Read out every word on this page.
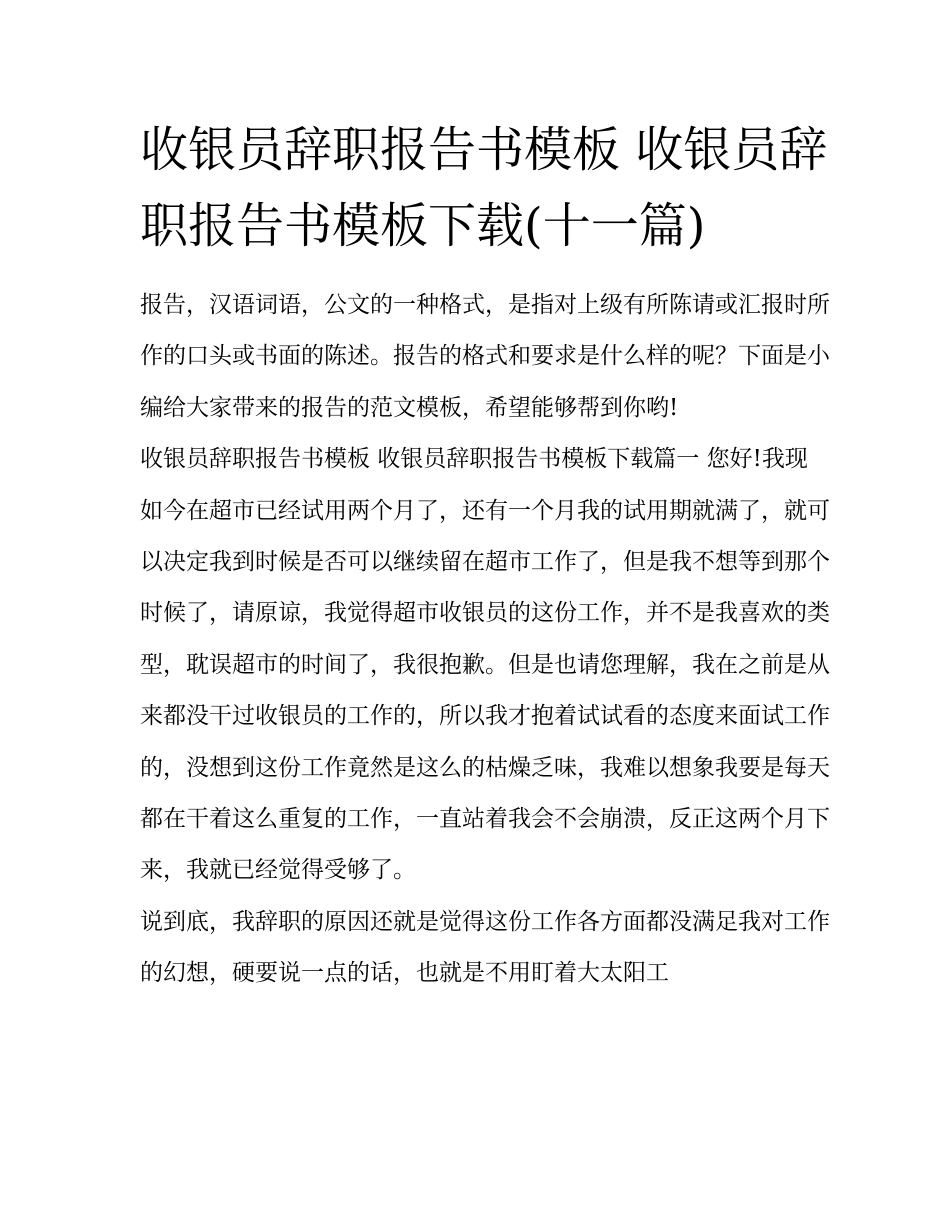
收银员辞职报告书模板 收银员辞职报告书模板下载(十一篇)

报告，汉语词语，公文的一种格式，是指对上级有所陈请或汇报时所作的口头或书面的陈述。报告的格式和要求是什么样的呢？下面是小编给大家带来的报告的范文模板，希望能够帮到你哟!

收银员辞职报告书模板 收银员辞职报告书模板下载篇一 您好!我现如今在超市已经试用两个月了，还有一个月我的试用期就满了，就可以决定我到时候是否可以继续留在超市工作了，但是我不想等到那个时候了，请原谅，我觉得超市收银员的这份工作，并不是我喜欢的类型，耽误超市的时间了，我很抱歉。但是也请您理解，我在之前是从来都没干过收银员的工作的，所以我才抱着试试看的态度来面试工作的，没想到这份工作竟然是这么的枯燥乏味，我难以想象我要是每天都在干着这么重复的工作，一直站着我会不会崩溃，反正这两个月下来，我就已经觉得受够了。

说到底，我辞职的原因还就是觉得这份工作各方面都没满足我对工作的幻想，硬要说一点的话，也就是不用盯着大太阳工
